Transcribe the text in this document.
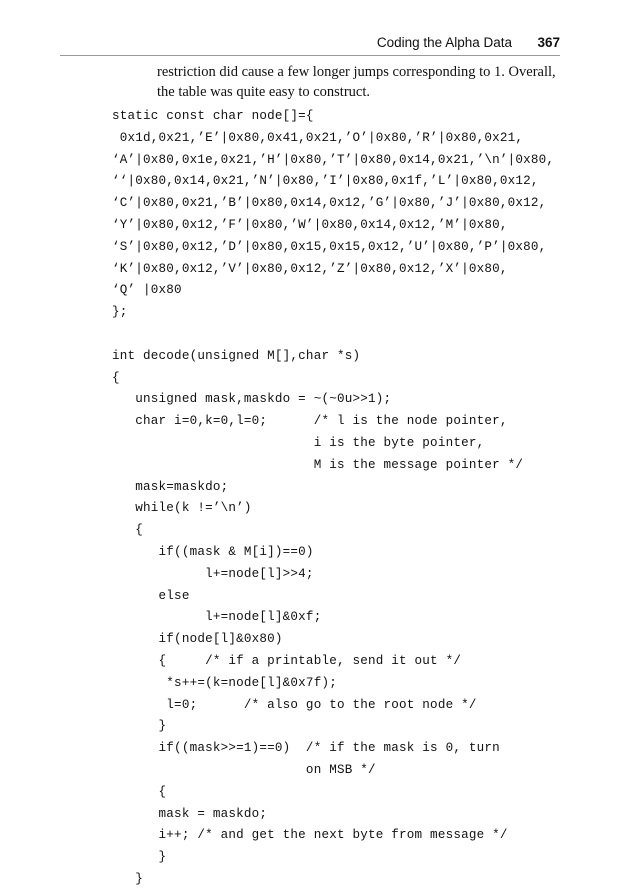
Coding the Alpha Data 367
restriction did cause a few longer jumps corresponding to 1. Overall,
the table was quite easy to construct.
static const char node[]={
0x1d,0x21,’E’|0x80,0x41,0x21,’O’|0x80,’R’|0x80,0x21,
‘A’|0x80,0x1e,0x21,’H’|0x80,’T’|0x80,0x14,0x21,’\n’|0x80,
‘‘|0x80,0x14,0x21,’N’|0x80,’I’|0x80,0x1f,’L’|0x80,0x12,
‘C’|0x80,0x21,’B’|0x80,0x14,0x12,’G’|0x80,’J’|0x80,0x12,
‘Y’|0x80,0x12,’F’|0x80,’W’|0x80,0x14,0x12,’M’|0x80,
‘S’|0x80,0x12,’D’|0x80,0x15,0x15,0x12,’U’|0x80,’P’|0x80,
‘K’|0x80,0x12,’V’|0x80,0x12,’Z’|0x80,0x12,’X’|0x80,
‘Q’ |0x80
};
int decode(unsigned M[],char *s)
{
unsigned mask,maskdo = ~(~0u>>1);
char i=0,k=0,l=0;      /* l is the node pointer,
i is the byte pointer,
M is the message pointer */
mask=maskdo;
while(k !=’\n’)
{
if((mask & M[i])==0)
l+=node[l]>>4;
else
l+=node[l]&0xf;
if(node[l]&0x80)
{     /* if a printable, send it out */
*s++=(k=node[l]&0x7f);
l=0;      /* also go to the root node */
}
if((mask>>=1)==0)  /* if the mask is 0, turn
on MSB */
{
mask = maskdo;
i++; /* and get the next byte from message */
}
}
